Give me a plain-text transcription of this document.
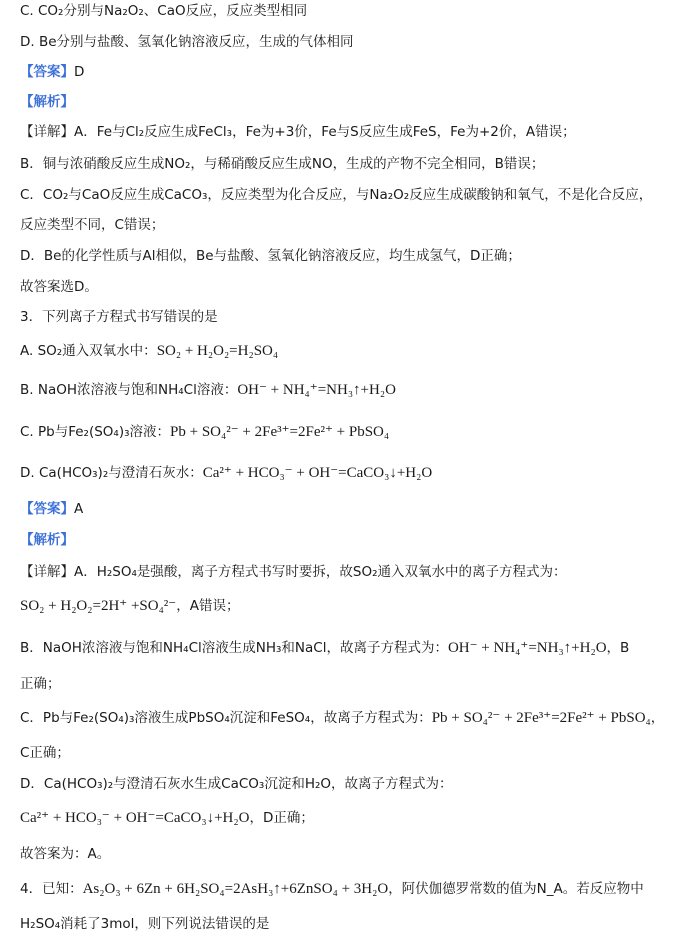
C. CO₂分别与Na₂O₂、CaO反应，反应类型相同
D. Be分别与盐酸、氢氧化钠溶液反应，生成的气体相同
【答案】D
【解析】
【详解】A．Fe与Cl₂反应生成FeCl₃，Fe为+3价，Fe与S反应生成FeS，Fe为+2价，A错误；
B．铜与浓硝酸反应生成NO₂，与稀硝酸反应生成NO，生成的产物不完全相同，B错误；
C．CO₂与CaO反应生成CaCO₃，反应类型为化合反应，与Na₂O₂反应生成碳酸钠和氧气，不是化合反应，
反应类型不同，C错误；
D．Be的化学性质与Al相似，Be与盐酸、氢氧化钠溶液反应，均生成氢气，D正确；
故答案选D。
3．下列离子方程式书写错误的是
A. SO₂通入双氧水中：SO₂ + H₂O₂=H₂SO₄
B. NaOH浓溶液与饱和NH₄Cl溶液：OH⁻ + NH₄⁺=NH₃↑+H₂O
C. Pb与Fe₂(SO₄)₃溶液：Pb + SO₄²⁻ + 2Fe³⁺=2Fe²⁺ + PbSO₄
D. Ca(HCO₃)₂与澄清石灰水：Ca²⁺ + HCO₃⁻ + OH⁻=CaCO₃↓+H₂O
【答案】A
【解析】
【详解】A．H₂SO₄是强酸，离子方程式书写时要拆，故SO₂通入双氧水中的离子方程式为：
SO₂ + H₂O₂=2H⁺ +SO₄²⁻，A错误；
B．NaOH浓溶液与饱和NH₄Cl溶液生成NH₃和NaCl，故离子方程式为：OH⁻ + NH₄⁺=NH₃↑+H₂O，B
正确；
C．Pb与Fe₂(SO₄)₃溶液生成PbSO₄沉淀和FeSO₄，故离子方程式为：Pb + SO₄²⁻ + 2Fe³⁺=2Fe²⁺ + PbSO₄，
C正确；
D．Ca(HCO₃)₂与澄清石灰水生成CaCO₃沉淀和H₂O，故离子方程式为：
Ca²⁺ + HCO₃⁻ + OH⁻=CaCO₃↓+H₂O，D正确；
故答案为：A。
4．已知：As₂O₃ + 6Zn + 6H₂SO₄=2AsH₃↑+6ZnSO₄ + 3H₂O，阿伏伽德罗常数的值为N_A。若反应物中
H₂SO₄消耗了3mol，则下列说法错误的是
